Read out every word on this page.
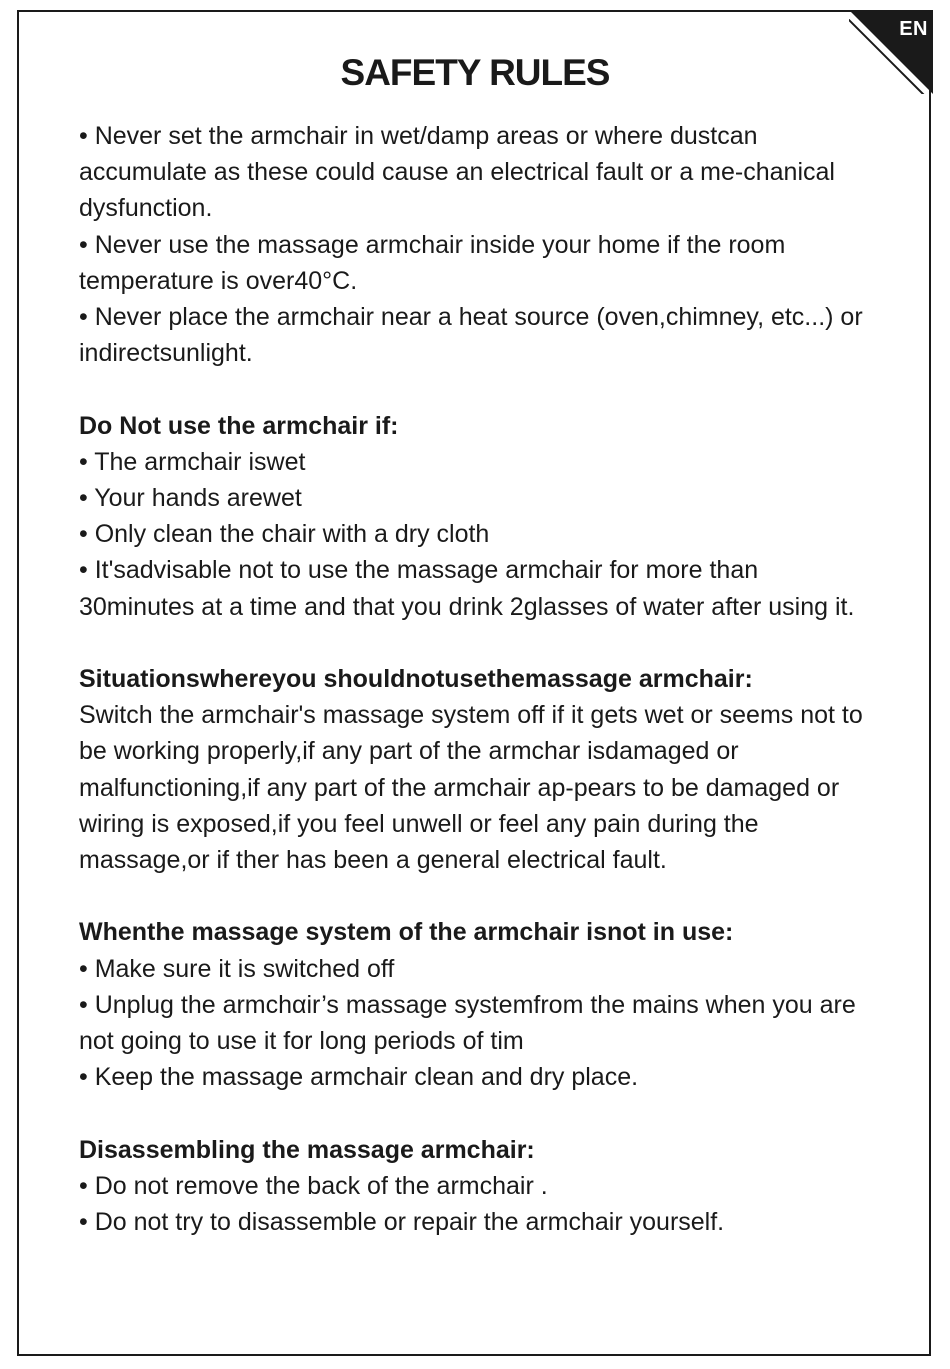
EN
SAFETY RULES

• Never set the armchair in wet/damp areas or where dustcan accumulate as these could cause an electrical fault or a me-chanical dysfunction.

• Never use the massage armchair inside your home if the room temperature is over40°C.

• Never place the armchair near a heat source (oven,chimney, etc...) or indirectsunlight.

Do Not use the armchair if:

• The armchair iswet

• Your hands arewet

• Only clean the chair with a dry cloth

• It'sadvisable not to use the massage armchair for more than 30minutes at a time and that you drink 2glasses of water after using it.

Situationswhereyou shouldnotusethemassage armchair:

Switch the armchair's massage system off if it gets wet or seems not to be working properly,if any part of the armchar isdamaged or malfunctioning,if any part of the armchair ap-pears to be damaged or wiring is exposed,if you feel unwell or feel any pain during the massage,or if ther has been a general electrical fault.

Whenthe massage system of the armchair isnot in use:

• Make sure it is switched off

• Unplug the armchαir’s massage systemfrom the mains when you are not going to use it for long periods of tim

• Keep the massage armchair clean and dry place.

Disassembling the massage armchair:

• Do not remove the back of the armchair .

• Do not try to disassemble or repair the armchair yourself.
